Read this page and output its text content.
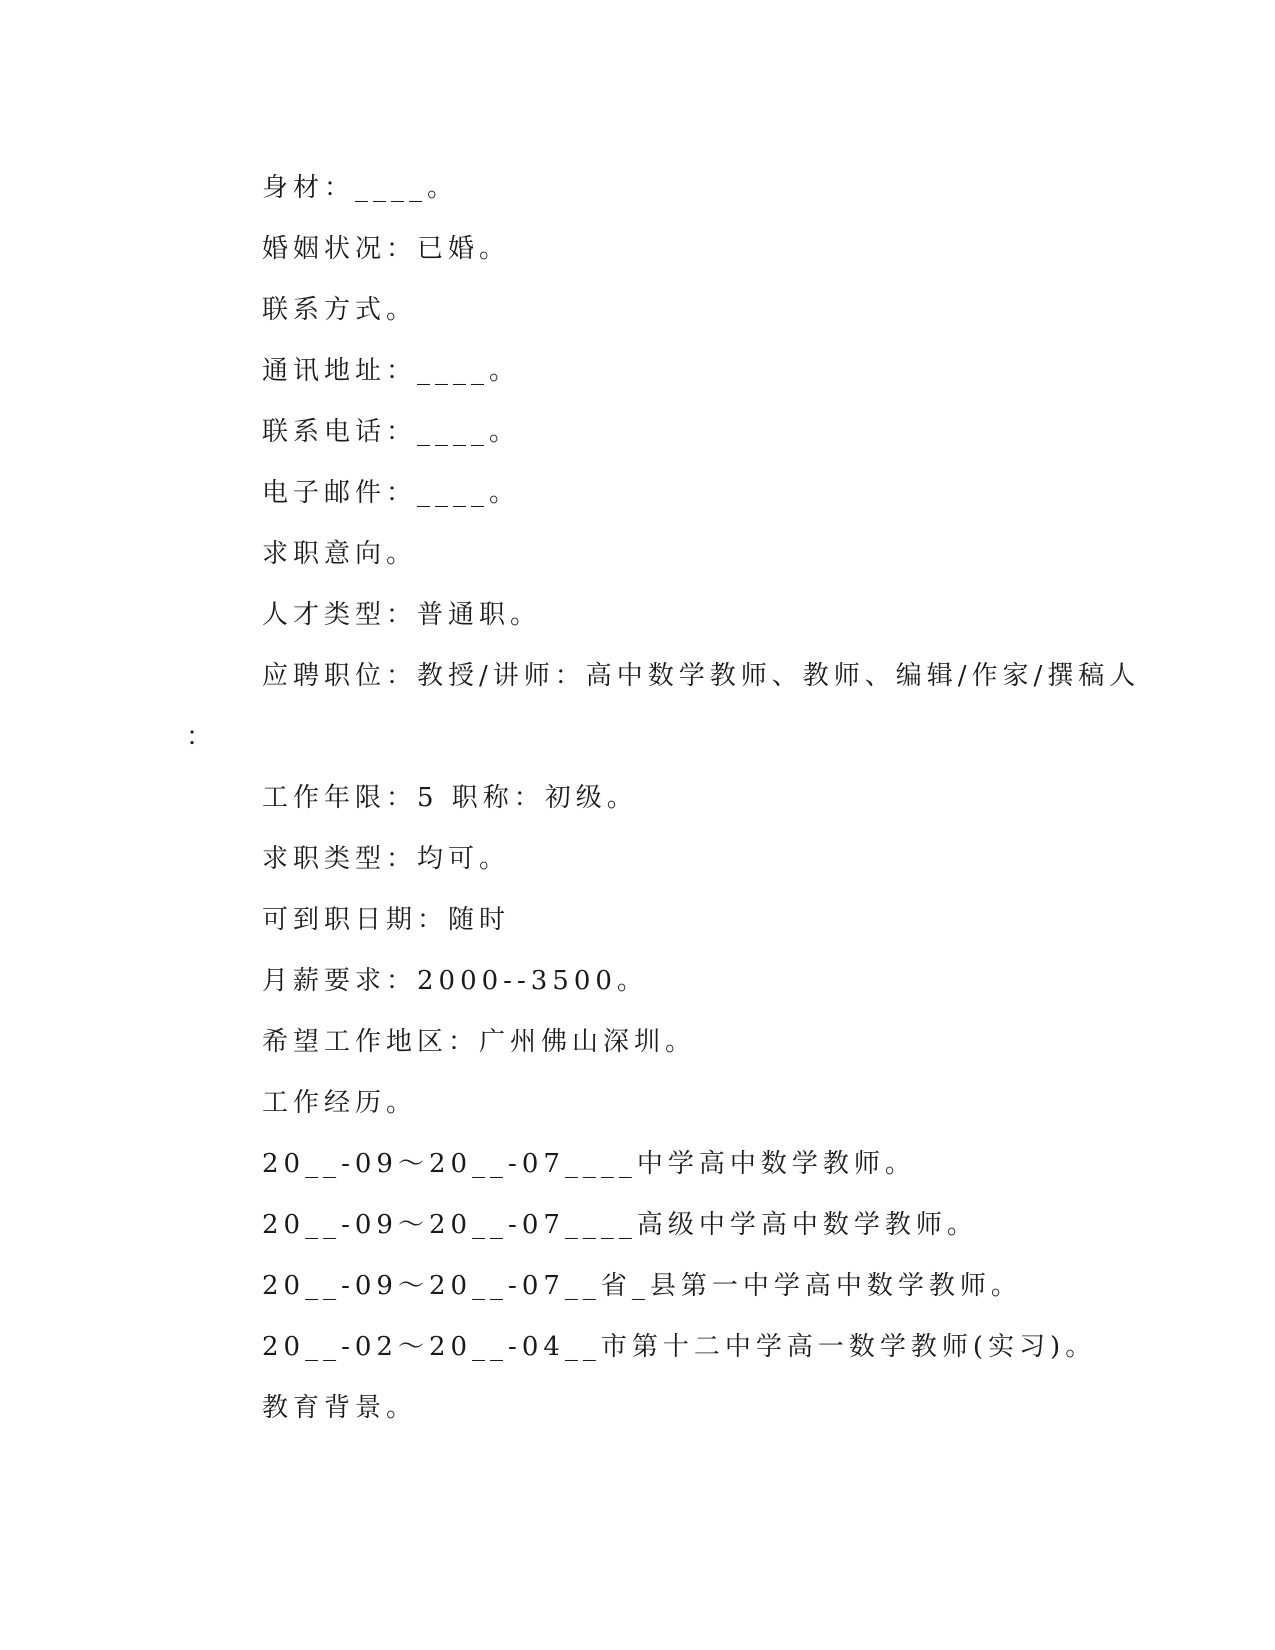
身材：____。
婚姻状况：已婚。
联系方式。
通讯地址：____。
联系电话：____。
电子邮件：____。
求职意向。
人才类型：普通职。
应聘职位：教授/讲师：高中数学教师、教师、编辑/作家/撰稿人
：
工作年限：5 职称：初级。
求职类型：均可。
可到职日期：随时
月薪要求：2000--3500。
希望工作地区：广州佛山深圳。
工作经历。
20__-09～20__-07____中学高中数学教师。
20__-09～20__-07____高级中学高中数学教师。
20__-09～20__-07__省_县第一中学高中数学教师。
20__-02～20__-04__市第十二中学高一数学教师(实习)。
教育背景。
